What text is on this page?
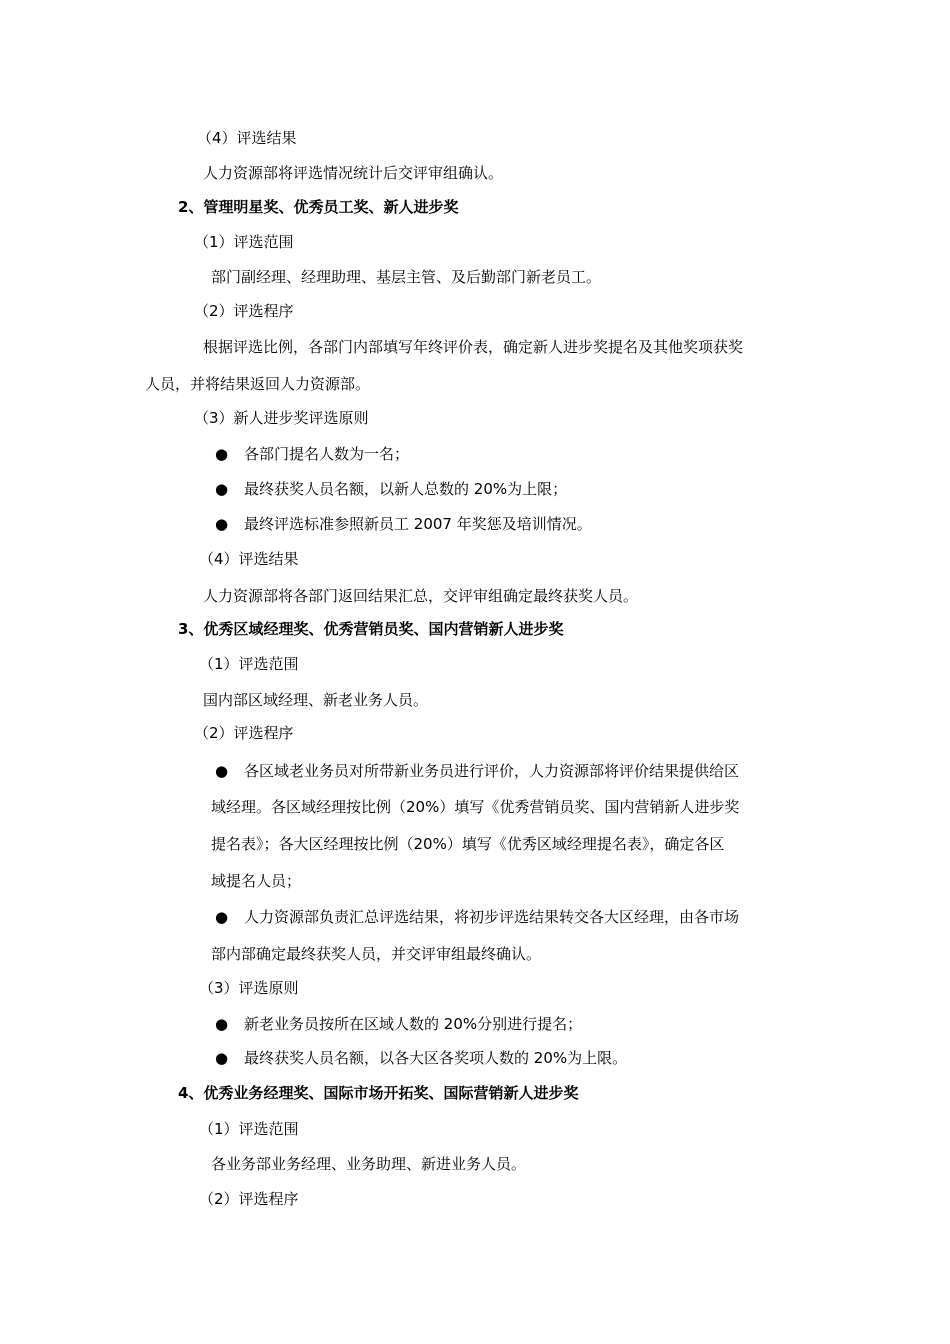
（4）评选结果
人力资源部将评选情况统计后交评审组确认。
2、管理明星奖、优秀员工奖、新人进步奖
（1）评选范围
部门副经理、经理助理、基层主管、及后勤部门新老员工。
（2）评选程序
根据评选比例，各部门内部填写年终评价表，确定新人进步奖提名及其他奖项获奖
人员，并将结果返回人力资源部。
（3）新人进步奖评选原则
● 各部门提名人数为一名；
● 最终获奖人员名额，以新人总数的 20%为上限；
● 最终评选标准参照新员工 2007 年奖惩及培训情况。
（4）评选结果
人力资源部将各部门返回结果汇总，交评审组确定最终获奖人员。
3、优秀区域经理奖、优秀营销员奖、国内营销新人进步奖
（1）评选范围
国内部区域经理、新老业务人员。
（2）评选程序
● 各区域老业务员对所带新业务员进行评价，人力资源部将评价结果提供给区
域经理。各区域经理按比例（20%）填写《优秀营销员奖、国内营销新人进步奖
提名表》；各大区经理按比例（20%）填写《优秀区域经理提名表》，确定各区
域提名人员；
● 人力资源部负责汇总评选结果，将初步评选结果转交各大区经理，由各市场
部内部确定最终获奖人员，并交评审组最终确认。
（3）评选原则
● 新老业务员按所在区域人数的 20%分别进行提名；
● 最终获奖人员名额，以各大区各奖项人数的 20%为上限。
4、优秀业务经理奖、国际市场开拓奖、国际营销新人进步奖
（1）评选范围
各业务部业务经理、业务助理、新进业务人员。
（2）评选程序
